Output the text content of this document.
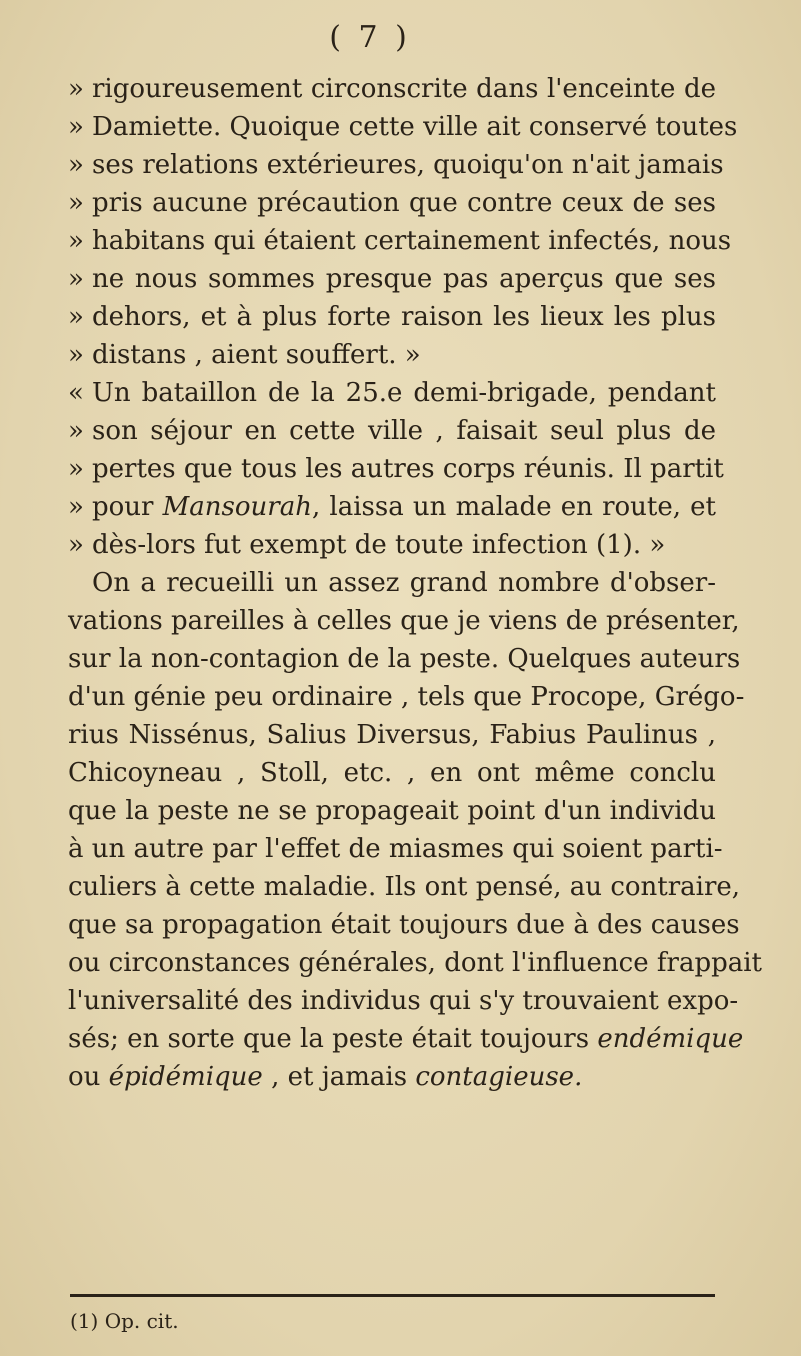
( 7 )
» rigoureusement circonscrite dans l'enceinte de
» Damiette. Quoique cette ville ait conservé toutes
» ses relations extérieures, quoiqu'on n'ait jamais
» pris aucune précaution que contre ceux de ses
» habitans qui étaient certainement infectés, nous
» ne nous sommes presque pas aperçus que ses
» dehors, et à plus forte raison les lieux les plus
» distans , aient souffert. »
« Un bataillon de la 25.e demi-brigade, pendant
» son séjour en cette ville , faisait seul plus de
» pertes que tous les autres corps réunis. Il partit
» pour Mansourah, laissa un malade en route, et
» dès-lors fut exempt de toute infection (1). »
On a recueilli un assez grand nombre d'obser-
vations pareilles à celles que je viens de présenter,
sur la non-contagion de la peste. Quelques auteurs
d'un génie peu ordinaire , tels que Procope, Grégo-
rius Nissénus, Salius Diversus, Fabius Paulinus ,
Chicoyneau , Stoll, etc. , en ont même conclu
que la peste ne se propageait point d'un individu
à un autre par l'effet de miasmes qui soient parti-
culiers à cette maladie. Ils ont pensé, au contraire,
que sa propagation était toujours due à des causes
ou circonstances générales, dont l'influence frappait
l'universalité des individus qui s'y trouvaient expo-
sés; en sorte que la peste était toujours endémique
ou épidémique , et jamais contagieuse.
(1) Op. cit.
